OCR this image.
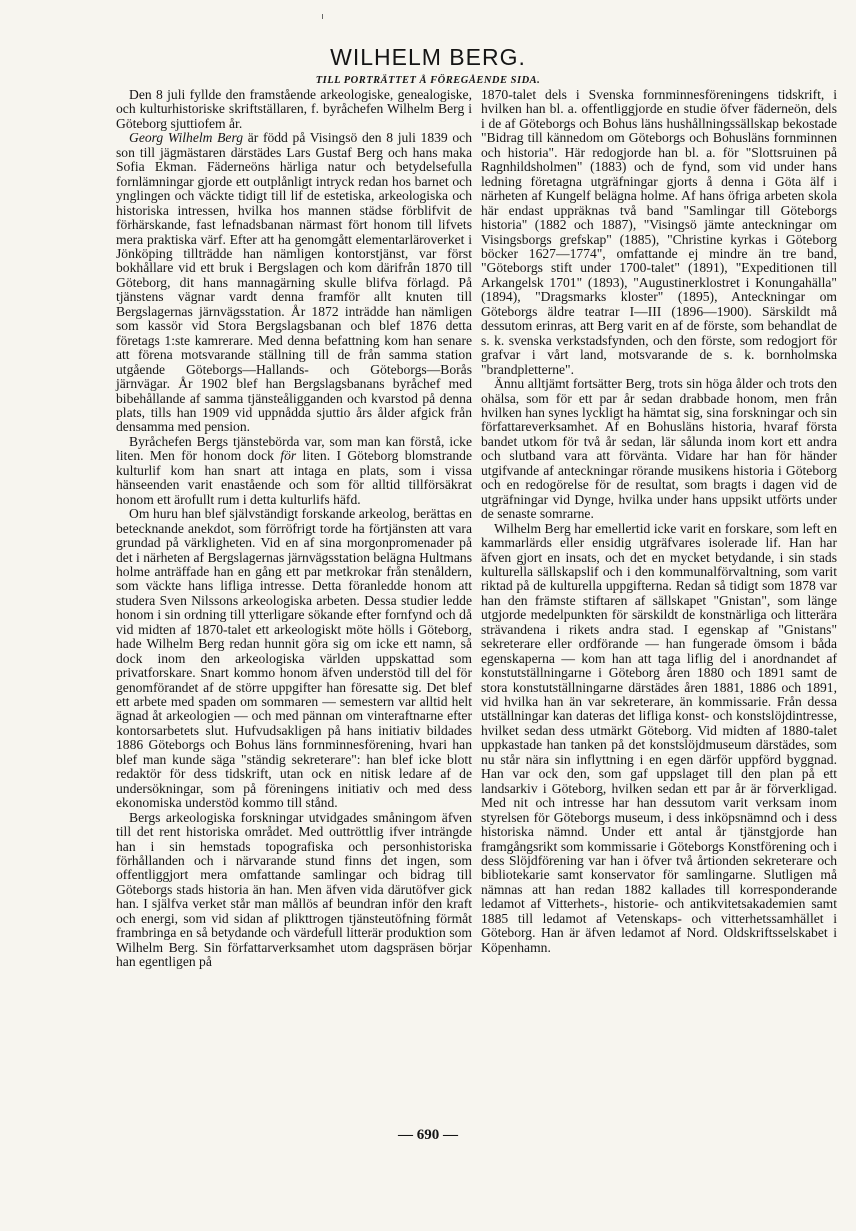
WILHELM BERG.
TILL PORTRÄTTET Å FÖREGÅENDE SIDA.

Den 8 juli fyllde den framstående arkeologiske, genealogiske, och kulturhistoriske skriftställaren, f. byråchefen Wilhelm Berg i Göteborg sjuttiofem år.

Georg Wilhelm Berg är född på Visingsö den 8 juli 1839 och son till jägmästaren därstädes Lars Gustaf Berg och hans maka Sofia Ekman. Fäderneöns härliga natur och betydelsefulla fornlämningar gjorde ett outplånligt intryck redan hos barnet och ynglingen och väckte tidigt till lif de estetiska, arkeologiska och historiska intressen, hvilka hos mannen städse förblifvit de förhärskande, fast lefnadsbanan närmast fört honom till lifvets mera praktiska värf. Efter att ha genomgått elementarläroverket i Jönköping tillträdde han nämligen kontorstjänst, var först bokhållare vid ett bruk i Bergslagen och kom därifrån 1870 till Göteborg, dit hans mannagärning skulle blifva förlagd. På tjänstens vägnar vardt denna framför allt knuten till Bergslagernas järnvägsstation. År 1872 inträdde han nämligen som kassör vid Stora Bergslagsbanan och blef 1876 detta företags 1:ste kamrerare. Med denna befattning kom han senare att förena motsvarande ställning till de från samma station utgående Göteborgs—Hallands- och Göteborgs—Borås järnvägar. År 1902 blef han Bergslagsbanans byråchef med bibehållande af samma tjänsteåligganden och kvarstod på denna plats, tills han 1909 vid uppnådda sjuttio års ålder afgick från densamma med pension.

Byråchefen Bergs tjänstebörda var, som man kan förstå, icke liten. Men för honom dock för liten. I Göteborg blomstrande kulturlif kom han snart att intaga en plats, som i vissa hänseenden varit enastående och som för alltid tillförsäkrat honom ett ärofullt rum i detta kulturlifs häfd.

Om huru han blef självständigt forskande arkeolog, berättas en betecknande anekdot, som förröfrigt torde ha förtjänsten att vara grundad på värkligheten. Vid en af sina morgonpromenader på det i närheten af Bergslagernas järnvägsstation belägna Hultmans holme anträffade han en gång ett par metkrokar från stenåldern, som väckte hans lifliga intresse. Detta föranledde honom att studera Sven Nilssons arkeologiska arbeten. Dessa studier ledde honom i sin ordning till ytterligare sökande efter fornfynd och då vid midten af 1870-talet ett arkeologiskt möte hölls i Göteborg, hade Wilhelm Berg redan hunnit göra sig om icke ett namn, så dock inom den arkeologiska världen uppskattad som privatforskare. Snart kommo honom äfven understöd till del för genomförandet af de större uppgifter han föresatte sig. Det blef ett arbete med spaden om sommaren — semestern var alltid helt ägnad åt arkeologien — och med pännan om vinteraftnarne efter kontorsarbetets slut. Hufvudsakligen på hans initiativ bildades 1886 Göteborgs och Bohus läns fornminnesförening, hvari han blef man kunde säga "ständig sekreterare": han blef icke blott redaktör för dess tidskrift, utan ock en nitisk ledare af de undersökningar, som på föreningens initiativ och med dess ekonomiska understöd kommo till stånd.

Bergs arkeologiska forskningar utvidgades småningom äfven till det rent historiska området. Med outtröttlig ifver inträngde han i sin hemstads topografiska och personhistoriska förhållanden och i närvarande stund finns det ingen, som offentliggjort mera omfattande samlingar och bidrag till Göteborgs stads historia än han. Men äfven vida därutöfver gick han. I själfva verket står man mållös af beundran inför den kraft och energi, som vid sidan af plikttrogen tjänsteutöfning förmåt frambringa en så betydande och värdefull litterär produktion som Wilhelm Berg. Sin författarverksamhet utom dagspräsen börjar han egentligen på

1870-talet dels i Svenska fornminnesföreningens tidskrift, i hvilken han bl. a. offentliggjorde en studie öfver fäderneön, dels i de af Göteborgs och Bohus läns hushållningssällskap bekostade "Bidrag till kännedom om Göteborgs och Bohusläns fornminnen och historia". Här redogjorde han bl. a. för "Slottsruinen på Ragnhildsholmen" (1883) och de fynd, som vid under hans ledning företagna utgräfningar gjorts å denna i Göta älf i närheten af Kungelf belägna holme. Af hans öfriga arbeten skola här endast uppräknas två band "Samlingar till Göteborgs historia" (1882 och 1887), "Visingsö jämte anteckningar om Visingsborgs grefskap" (1885), "Christine kyrkas i Göteborg böcker 1627—1774", omfattande ej mindre än tre band, "Göteborgs stift under 1700-talet" (1891), "Expeditionen till Arkangelsk 1701" (1893), "Augustinerklostret i Konungahälla" (1894), "Dragsmarks kloster" (1895), Anteckningar om Göteborgs äldre teatrar I—III (1896—1900). Särskildt må dessutom erinras, att Berg varit en af de förste, som behandlat de s. k. svenska verkstadsfynden, och den förste, som redogjort för grafvar i vårt land, motsvarande de s. k. bornholmska "brandpletterne".

Ännu alltjämt fortsätter Berg, trots sin höga ålder och trots den ohälsa, som för ett par år sedan drabbade honom, men från hvilken han synes lyckligt ha hämtat sig, sina forskningar och sin författareverksamhet. Af en Bohusläns historia, hvaraf första bandet utkom för två år sedan, lär sålunda inom kort ett andra och slutband vara att förvänta. Vidare har han för händer utgifvande af anteckningar rörande musikens historia i Göteborg och en redogörelse för de resultat, som bragts i dagen vid de utgräfningar vid Dynge, hvilka under hans uppsikt utförts under de senaste somrarne.

Wilhelm Berg har emellertid icke varit en forskare, som left en kammarlärds eller ensidig utgräfvares isolerade lif. Han har äfven gjort en insats, och det en mycket betydande, i sin stads kulturella sällskapslif och i den kommunalförvaltning, som varit riktad på de kulturella uppgifterna. Redan så tidigt som 1878 var han den främste stiftaren af sällskapet "Gnistan", som länge utgjorde medelpunkten för särskildt de konstnärliga och litterära strävandena i rikets andra stad. I egenskap af "Gnistans" sekreterare eller ordförande — han fungerade ömsom i båda egenskaperna — kom han att taga liflig del i anordnandet af konstutställningarne i Göteborg åren 1880 och 1891 samt de stora konstutställningarne därstädes åren 1881, 1886 och 1891, vid hvilka han än var sekreterare, än kommissarie. Från dessa utställningar kan dateras det lifliga konst- och konstslöjdintresse, hvilket sedan dess utmärkt Göteborg. Vid midten af 1880-talet uppkastade han tanken på det konstslöjdmuseum därstädes, som nu står nära sin inflyttning i en egen därför uppförd byggnad. Han var ock den, som gaf uppslaget till den plan på ett landsarkiv i Göteborg, hvilken sedan ett par år är förverkligad. Med nit och intresse har han dessutom varit verksam inom styrelsen för Göteborgs museum, i dess inköpsnämnd och i dess historiska nämnd. Under ett antal år tjänstgjorde han framgångsrikt som kommissarie i Göteborgs Konstförening och i dess Slöjdförening var han i öfver två årtionden sekreterare och bibliotekarie samt konservator för samlingarne. Slutligen må nämnas att han redan 1882 kallades till korresponderande ledamot af Vitterhets-, historie- och antikvitetsakademien samt 1885 till ledamot af Vetenskaps- och vitterhetssamhället i Göteborg. Han är äfven ledamot af Nord. Oldskriftsselskabet i Köpenhamn.

— 690 —
